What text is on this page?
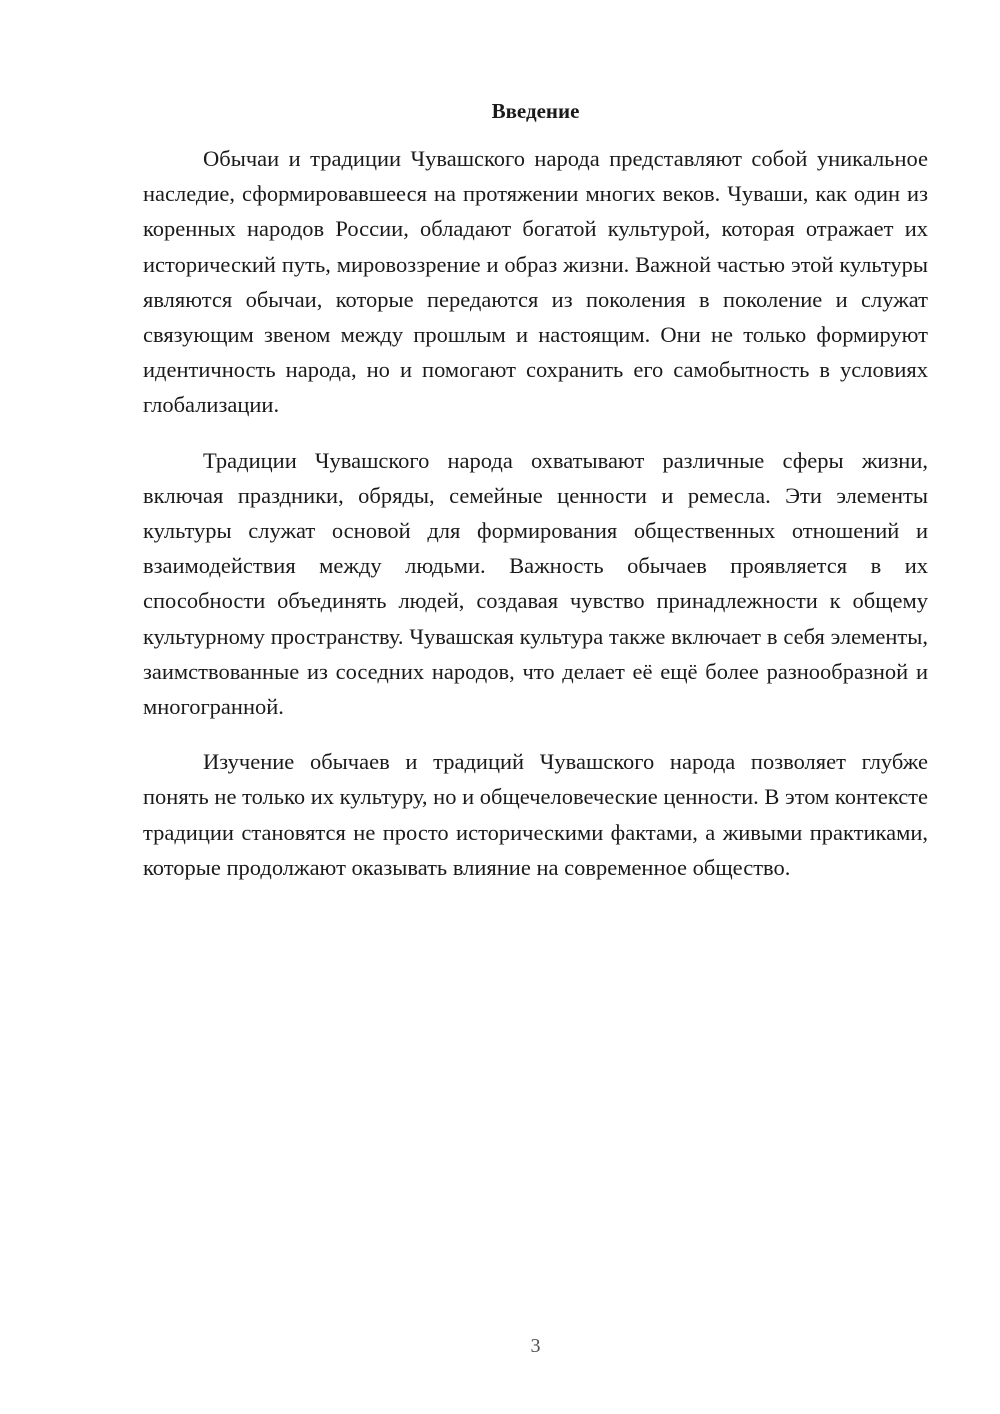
Введение

Обычаи и традиции Чувашского народа представляют собой уникальное наследие, сформировавшееся на протяжении многих веков. Чуваши, как один из коренных народов России, обладают богатой культурой, которая отражает их исторический путь, мировоззрение и образ жизни. Важной частью этой культуры являются обычаи, которые передаются из поколения в поколение и служат связующим звеном между прошлым и настоящим. Они не только формируют идентичность народа, но и помогают сохранить его самобытность в условиях глобализации.

Традиции Чувашского народа охватывают различные сферы жизни, включая праздники, обряды, семейные ценности и ремесла. Эти элементы культуры служат основой для формирования общественных отношений и взаимодействия между людьми. Важность обычаев проявляется в их способности объединять людей, создавая чувство принадлежности к общему культурному пространству. Чувашская культура также включает в себя элементы, заимствованные из соседних народов, что делает её ещё более разнообразной и многогранной.

Изучение обычаев и традиций Чувашского народа позволяет глубже понять не только их культуру, но и общечеловеческие ценности. В этом контексте традиции становятся не просто историческими фактами, а живыми практиками, которые продолжают оказывать влияние на современное общество.

3
